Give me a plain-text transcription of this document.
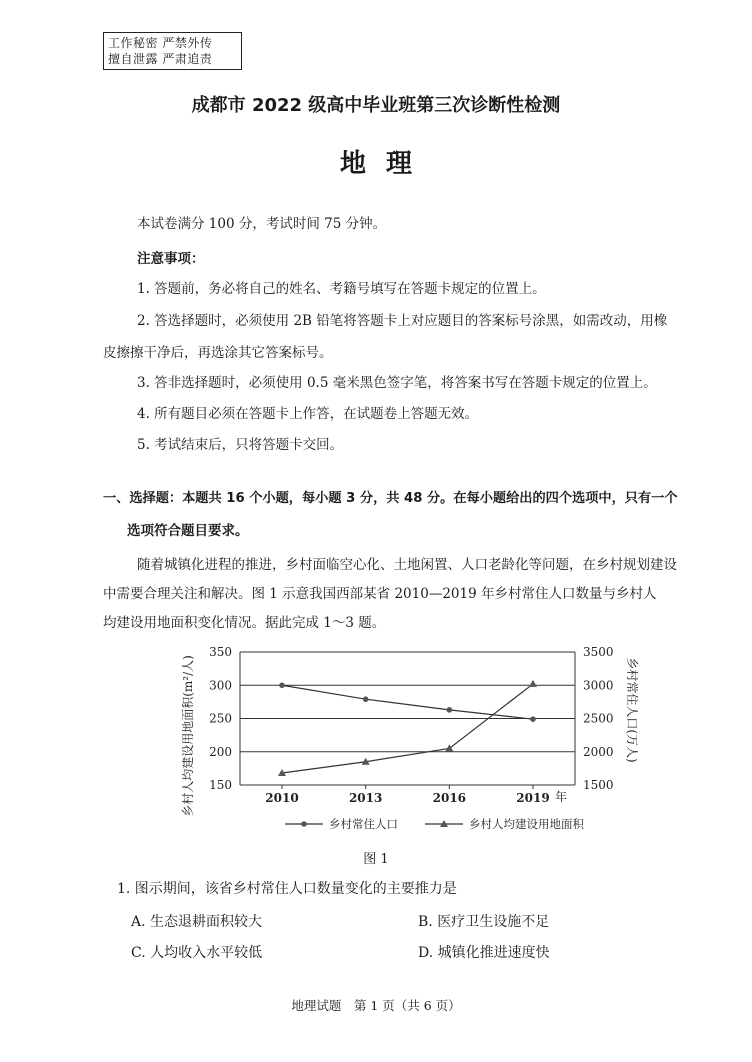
工作秘密 严禁外传
擅自泄露 严肃追责
成都市 2022 级高中毕业班第三次诊断性检测
地理
本试卷满分 100 分，考试时间 75 分钟。
注意事项：
1. 答题前，务必将自己的姓名、考籍号填写在答题卡规定的位置上。
2. 答选择题时，必须使用 2B 铅笔将答题卡上对应题目的答案标号涂黑，如需改动，用橡
皮擦擦干净后，再选涂其它答案标号。
3. 答非选择题时，必须使用 0.5 毫米黑色签字笔，将答案书写在答题卡规定的位置上。
4. 所有题目必须在答题卡上作答，在试题卷上答题无效。
5. 考试结束后，只将答题卡交回。
一、选择题：本题共 16 个小题，每小题 3 分，共 48 分。在每小题给出的四个选项中，只有一个
选项符合题目要求。
随着城镇化进程的推进，乡村面临空心化、土地闲置、人口老龄化等问题，在乡村规划建设
中需要合理关注和解决。图 1 示意我国西部某省 2010—2019 年乡村常住人口数量与乡村人
均建设用地面积变化情况。据此完成 1～3 题。
150
200
250
300
350
1500
2000
2500
3000
3500
2010	2013	2016	2019 年
乡村人均建设用地面积(m²/人)	乡村常住人口(万人)
乡村常住人口	乡村人均建设用地面积
图 1
1. 图示期间，该省乡村常住人口数量变化的主要推力是
A. 生态退耕面积较大	B. 医疗卫生设施不足
C. 人均收入水平较低	D. 城镇化推进速度快
地理试题　第 1 页（共 6 页）
